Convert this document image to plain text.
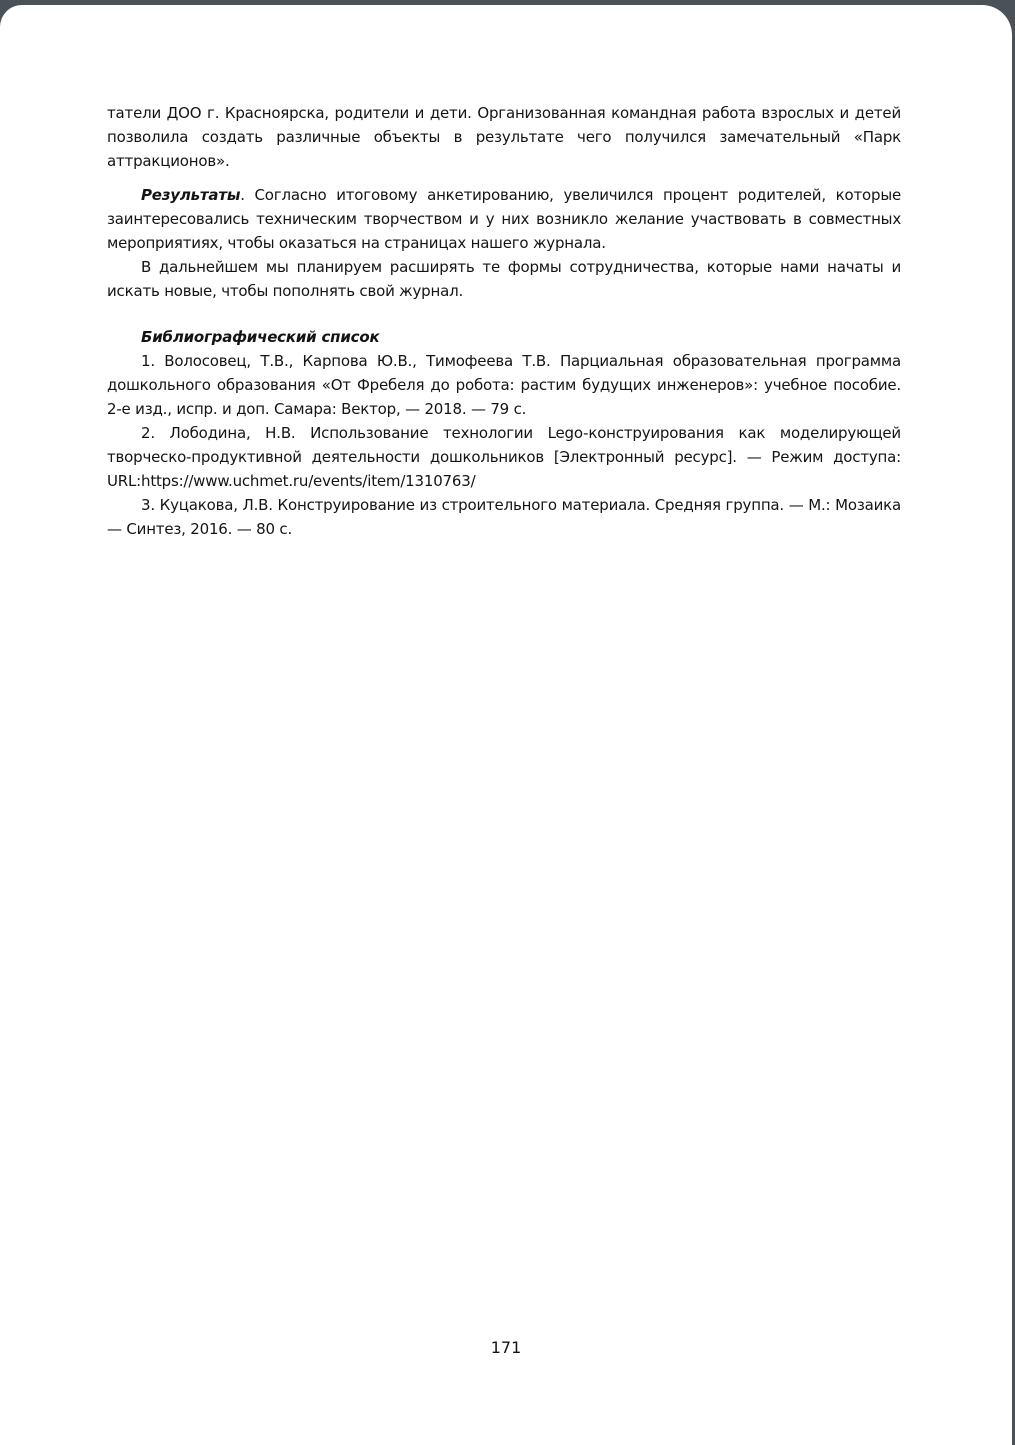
татели ДОО г. Красноярска, родители и дети. Организованная командная работа взрослых и детей позволила создать различные объекты в результате чего получился замечательный «Парк аттракционов».

Результаты. Согласно итоговому анкетированию, увеличился процент родителей, которые заинтересовались техническим творчеством и у них возникло желание участвовать в совместных мероприятиях, чтобы оказаться на страницах нашего журнала.

В дальнейшем мы планируем расширять те формы сотрудничества, которые нами начаты и искать новые, чтобы пополнять свой журнал.

Библиографический список

1. Волосовец, Т.В., Карпова Ю.В., Тимофеева Т.В. Парциальная образовательная программа дошкольного образования «От Фребеля до робота: растим будущих инженеров»: учебное пособие. 2-е изд., испр. и доп. Самара: Вектор, — 2018. — 79 с.

2. Лободина, Н.В. Использование технологии Lego-конструирования как моделирующей творческо-продуктивной деятельности дошкольников [Электронный ресурс]. — Режим доступа: URL:https://www.uchmet.ru/events/item/1310763/

3. Куцакова, Л.В. Конструирование из строительного материала. Средняя группа. — М.: Мозаика — Синтез, 2016. — 80 с.

171
